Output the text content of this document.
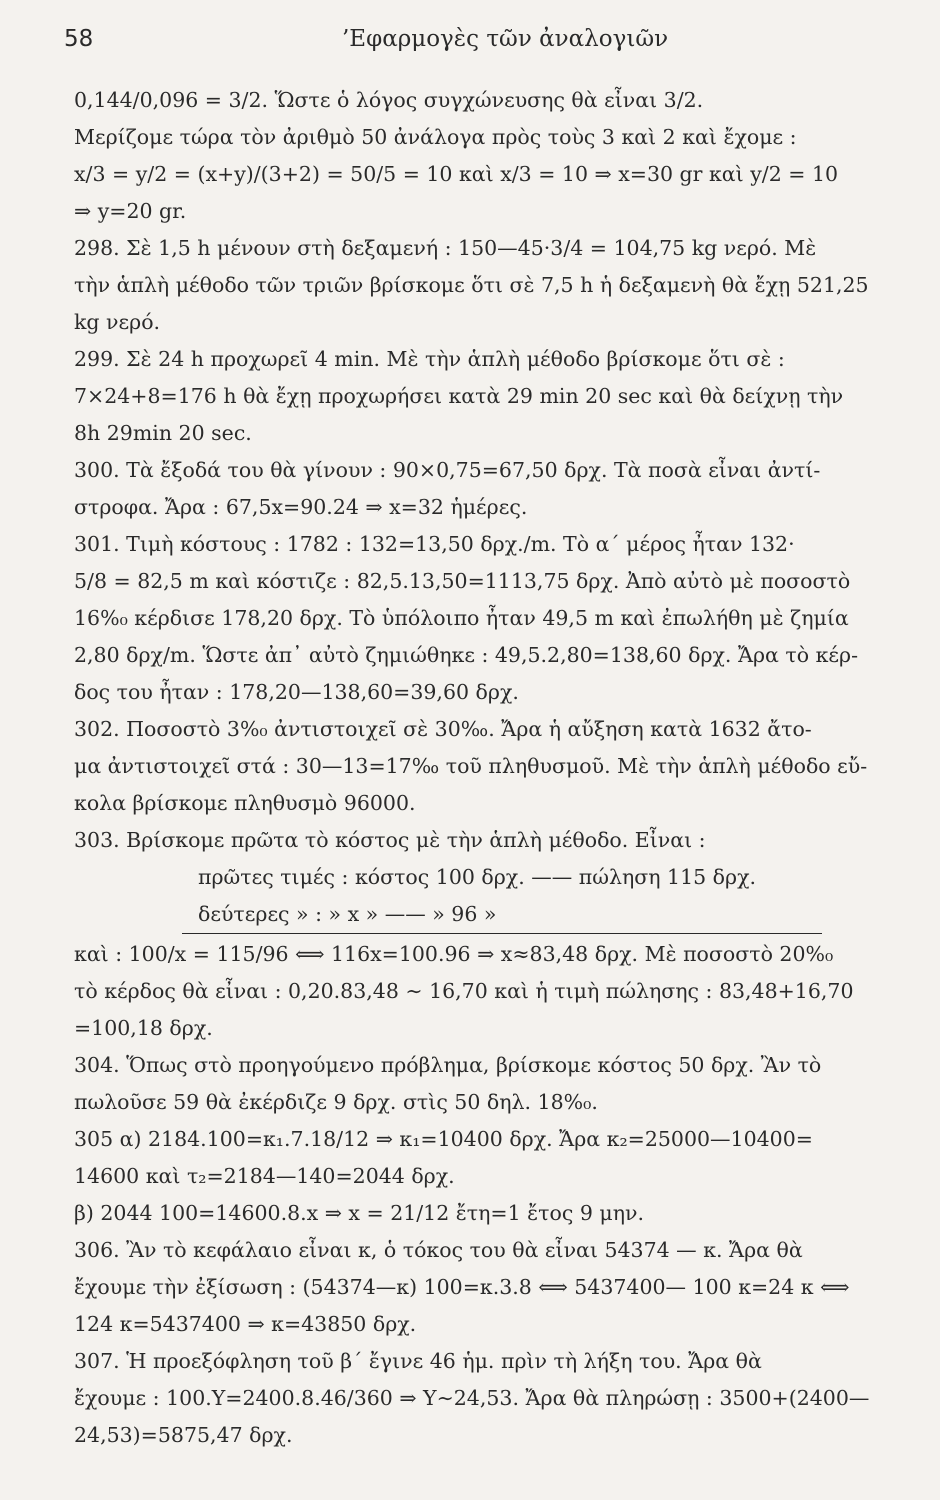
58	’Εφαρμογὲς τῶν ἀναλογιῶν
0,144/0,096 = 3/2. Ὥστε ὁ λόγος συγχώνευσης θὰ εἶναι 3/2.
Μερίζομε τώρα τὸν ἀριθμὸ 50 ἀνάλογα πρὸς τοὺς 3 καὶ 2 καὶ ἔχομε :
x/3 = y/2 = (x+y)/(3+2) = 50/5 = 10 καὶ x/3 = 10 ⇒ x=30 gr καὶ y/2 = 10
⇒ y=20 gr.
298. Σὲ 1,5 h μένουν στὴ δεξαμενή : 150—45·3/4 = 104,75 kg νερό. Μὲ
τὴν ἁπλὴ μέθοδο τῶν τριῶν βρίσκομε ὅτι σὲ 7,5 h ἡ δεξαμενὴ θὰ ἔχῃ 521,25
kg νερό.
299. Σὲ 24 h προχωρεῖ 4 min. Μὲ τὴν ἁπλὴ μέθοδο βρίσκομε ὅτι σὲ :
7×24+8=176 h θὰ ἔχῃ προχωρήσει κατὰ 29 min 20 sec καὶ θὰ δείχνῃ τὴν
8h 29min 20 sec.
300. Τὰ ἔξοδά του θὰ γίνουν : 90×0,75=67,50 δρχ. Τὰ ποσὰ εἶναι ἀντί-
στροφα. Ἄρα : 67,5x=90.24 ⇒ x=32 ἡμέρες.
301. Τιμὴ κόστους : 1782 : 132=13,50 δρχ./m. Τὸ α´ μέρος ἦταν 132·
5/8 = 82,5 m καὶ κόστιζε : 82,5.13,50=1113,75 δρχ. Ἀπὸ αὐτὸ μὲ ποσοστὸ
16%₀ κέρδισε 178,20 δρχ. Τὸ ὑπόλοιπο ἦταν 49,5 m καὶ ἐπωλήθη μὲ ζημία
2,80 δρχ/m. Ὥστε ἀπ᾽ αὐτὸ ζημιώθηκε : 49,5.2,80=138,60 δρχ. Ἄρα τὸ κέρ-
δος του ἦταν : 178,20—138,60=39,60 δρχ.
302. Ποσοστὸ 3%₀ ἀντιστοιχεῖ σὲ 30‰. Ἄρα ἡ αὔξηση κατὰ 1632 ἄτο-
μα ἀντιστοιχεῖ στά : 30—13=17‰ τοῦ πληθυσμοῦ. Μὲ τὴν ἁπλὴ μέθοδο εὔ-
κολα βρίσκομε πληθυσμὸ 96000.
303. Βρίσκομε πρῶτα τὸ κόστος μὲ τὴν ἁπλὴ μέθοδο. Εἶναι :
πρῶτες τιμές : κόστος 100 δρχ. —— πώληση 115 δρχ.
δεύτερες » : » x » —— » 96 »
καὶ : 100/x = 115/96 ⟺ 116x=100.96 ⇒ x≈83,48 δρχ. Μὲ ποσοστὸ 20%₀
τὸ κέρδος θὰ εἶναι : 0,20.83,48 ∼ 16,70 καὶ ἡ τιμὴ πώλησης : 83,48+16,70
=100,18 δρχ.
304. Ὅπως στὸ προηγούμενο πρόβλημα, βρίσκομε κόστος 50 δρχ. Ἂν τὸ
πωλοῦσε 59 θὰ ἐκέρδιζε 9 δρχ. στὶς 50 δηλ. 18%₀.
305 α) 2184.100=κ₁.7.18/12 ⇒ κ₁=10400 δρχ. Ἄρα κ₂=25000—10400=
14600 καὶ τ₂=2184—140=2044 δρχ.
β) 2044 100=14600.8.x ⇒ x = 21/12 ἔτη=1 ἔτος 9 μην.
306. Ἂν τὸ κεφάλαιο εἶναι κ, ὁ τόκος του θὰ εἶναι 54374 — κ. Ἄρα θὰ
ἔχουμε τὴν ἐξίσωση : (54374—κ) 100=κ.3.8 ⟺ 5437400— 100 κ=24 κ ⟺
124 κ=5437400 ⇒ κ=43850 δρχ.
307. Ἡ προεξόφληση τοῦ β´ ἔγινε 46 ἡμ. πρὶν τὴ λήξη του. Ἄρα θὰ
ἔχουμε : 100.Y=2400.8.46/360 ⇒ Y∼24,53. Ἄρα θὰ πληρώσῃ : 3500+(2400—
24,53)=5875,47 δρχ.
